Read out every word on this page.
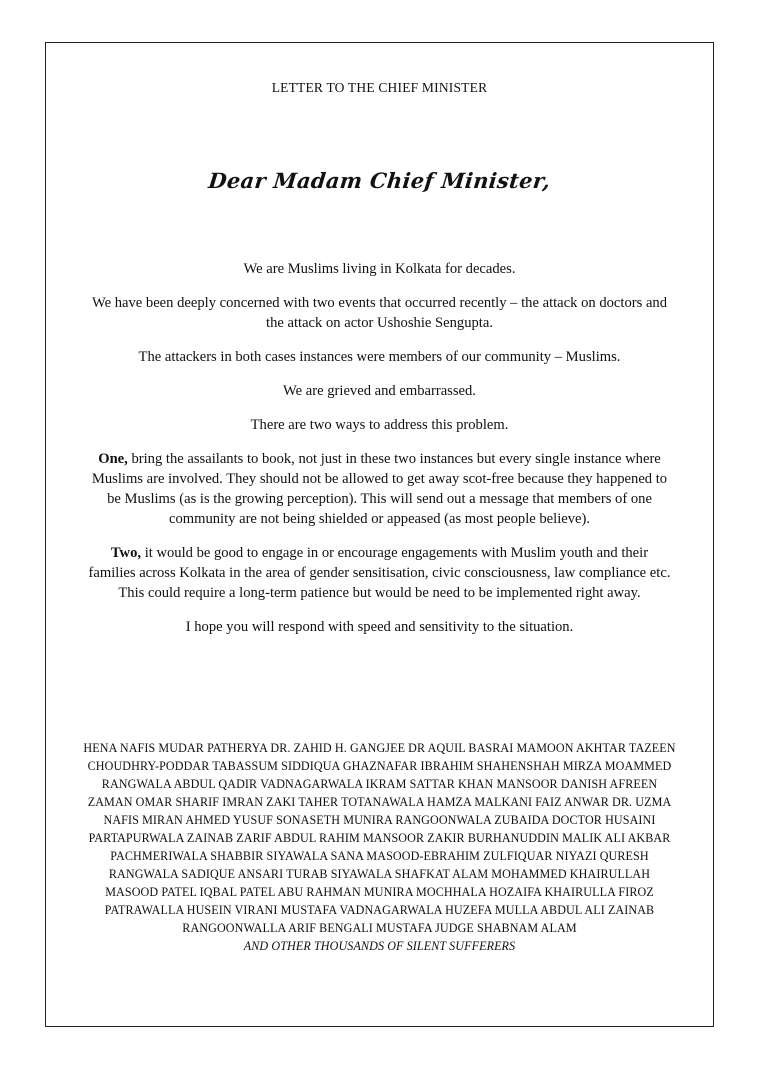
LETTER TO THE CHIEF MINISTER
Dear Madam Chief Minister,

We are Muslims living in Kolkata for decades.

We have been deeply concerned with two events that occurred recently – the attack on doctors and the attack on actor Ushoshie Sengupta.

The attackers in both cases instances were members of our community – Muslims.

We are grieved and embarrassed.

There are two ways to address this problem.

One, bring the assailants to book, not just in these two instances but every single instance where Muslims are involved. They should not be allowed to get away scot-free because they happened to be Muslims (as is the growing perception). This will send out a message that members of one community are not being shielded or appeased (as most people believe).

Two, it would be good to engage in or encourage engagements with Muslim youth and their families across Kolkata in the area of gender sensitisation, civic consciousness, law compliance etc. This could require a long-term patience but would be need to be implemented right away.

I hope you will respond with speed and sensitivity to the situation.

HENA NAFIS MUDAR PATHERYA DR. ZAHID H. GANGJEE DR AQUIL BASRAI MAMOON AKHTAR TAZEEN CHOUDHRY-PODDAR TABASSUM SIDDIQUA GHAZNAFAR IBRAHIM SHAHENSHAH MIRZA MOAMMED RANGWALA ABDUL QADIR VADNAGARWALA IKRAM SATTAR KHAN MANSOOR DANISH AFREEN ZAMAN OMAR SHARIF IMRAN ZAKI TAHER TOTANAWALA HAMZA MALKANI FAIZ ANWAR DR. UZMA NAFIS MIRAN AHMED YUSUF SONASETH MUNIRA RANGOONWALA ZUBAIDA DOCTOR HUSAINI PARTAPURWALA ZAINAB ZARIF ABDUL RAHIM MANSOOR ZAKIR BURHANUDDIN MALIK ALI AKBAR PACHMERIWALA SHABBIR SIYAWALA SANA MASOOD-EBRAHIM ZULFIQUAR NIYAZI QURESH RANGWALA SADIQUE ANSARI TURAB SIYAWALA SHAFKAT ALAM MOHAMMED KHAIRULLAH MASOOD PATEL IQBAL PATEL ABU RAHMAN MUNIRA MOCHHALA HOZAIFA KHAIRULLA FIROZ PATRAWALLA HUSEIN VIRANI MUSTAFA VADNAGARWALA HUZEFA MULLA ABDUL ALI ZAINAB RANGOONWALLA ARIF BENGALI MUSTAFA JUDGE SHABNAM ALAM

AND OTHER THOUSANDS OF SILENT SUFFERERS
